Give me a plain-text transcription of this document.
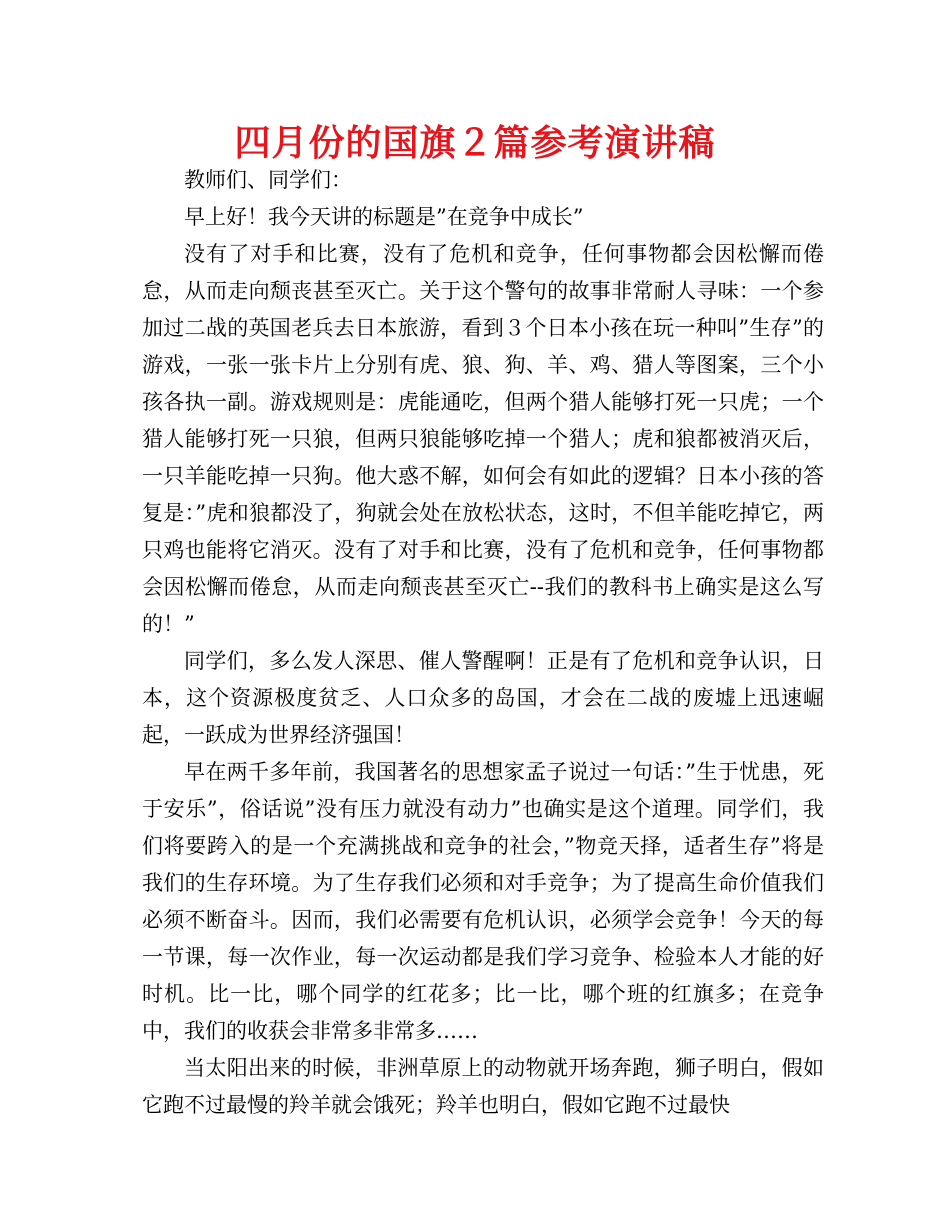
四月份的国旗２篇参考演讲稿

教师们、同学们：

早上好！我今天讲的标题是”在竞争中成长”

没有了对手和比赛，没有了危机和竞争，任何事物都会因松懈而倦怠，从而走向颓丧甚至灭亡。关于这个警句的故事非常耐人寻味：一个参加过二战的英国老兵去日本旅游，看到３个日本小孩在玩一种叫”生存”的游戏，一张一张卡片上分别有虎、狼、狗、羊、鸡、猎人等图案，三个小孩各执一副。游戏规则是：虎能通吃，但两个猎人能够打死一只虎；一个猎人能够打死一只狼，但两只狼能够吃掉一个猎人；虎和狼都被消灭后，一只羊能吃掉一只狗。他大惑不解，如何会有如此的逻辑？日本小孩的答复是：”虎和狼都没了，狗就会处在放松状态，这时，不但羊能吃掉它，两只鸡也能将它消灭。没有了对手和比赛，没有了危机和竞争，任何事物都会因松懈而倦怠，从而走向颓丧甚至灭亡--我们的教科书上确实是这么写的！”

同学们，多么发人深思、催人警醒啊！正是有了危机和竞争认识，日本，这个资源极度贫乏、人口众多的岛国，才会在二战的废墟上迅速崛起，一跃成为世界经济强国！

早在两千多年前，我国著名的思想家孟子说过一句话：”生于忧患，死于安乐”，俗话说”没有压力就没有动力”也确实是这个道理。同学们，我们将要跨入的是一个充满挑战和竞争的社会，”物竞天择，适者生存”将是我们的生存环境。为了生存我们必须和对手竞争；为了提高生命价值我们必须不断奋斗。因而，我们必需要有危机认识，必须学会竞争！今天的每一节课，每一次作业，每一次运动都是我们学习竞争、检验本人才能的好时机。比一比，哪个同学的红花多；比一比，哪个班的红旗多；在竞争中，我们的收获会非常多非常多……

当太阳出来的时候，非洲草原上的动物就开场奔跑，狮子明白，假如它跑不过最慢的羚羊就会饿死；羚羊也明白，假如它跑不过最快
